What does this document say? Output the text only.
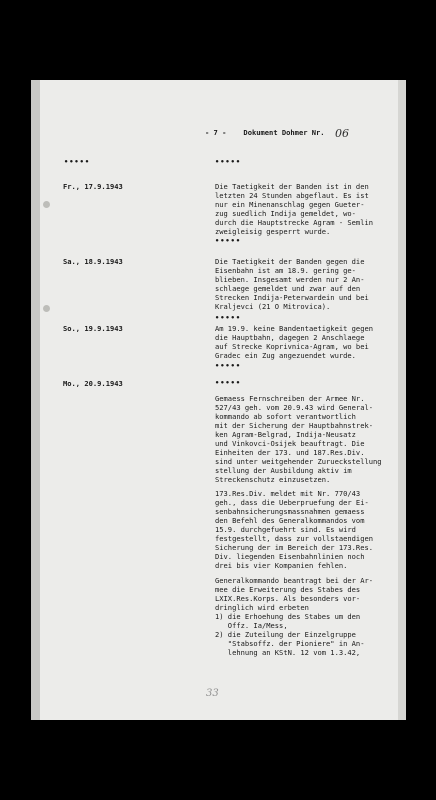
- 7 -    Dokument Dohmer Nr. 06
•••••	•••••
Fr., 17.9.1943	Die Taetigkeit der Banden ist in den
letzten 24 Stunden abgeflaut. Es ist
nur ein Minenanschlag gegen Gueter-
zug suedlich Indija gemeldet, wo-
durch die Hauptstrecke Agram - Semlin
zweigleisig gesperrt wurde.
•••••
Sa., 18.9.1943	Die Taetigkeit der Banden gegen die
Eisenbahn ist am 18.9. gering ge-
blieben. Insgesamt werden nur 2 An-
schlaege gemeldet und zwar auf den
Strecken Indija-Peterwardein und bei
Kraljevci (21 O Mitrovica).
•••••
So., 19.9.1943	Am 19.9. keine Bandentaetigkeit gegen
die Hauptbahn, dagegen 2 Anschlaege
auf Strecke Koprivnica-Agram, wo bei
Gradec ein Zug angezuendet wurde.
•••••
Mo., 20.9.1943	•••••
Gemaess Fernschreiben der Armee Nr.
527/43 geh. vom 20.9.43 wird General-
kommando ab sofort verantwortlich
mit der Sicherung der Hauptbahnstrek-
ken Agram-Belgrad, Indija-Neusatz
und Vinkovci-Osijek beauftragt. Die
Einheiten der 173. und 187.Res.Div.
sind unter weitgehender Zurueckstellung
stellung der Ausbildung aktiv im
Streckenschutz einzusetzen.
173.Res.Div. meldet mit Nr. 770/43
geh., dass die Ueberpruefung der Ei-
senbahnsicherungsmassnahmen gemaess
den Befehl des Generalkommandos vom
15.9. durchgefuehrt sind. Es wird
festgestellt, dass zur vollstaendigen
Sicherung der im Bereich der 173.Res.
Div. liegenden Eisenbahnlinien noch
drei bis vier Kompanien fehlen.
Generalkommando beantragt bei der Ar-
mee die Erweiterung des Stabes des
LXIX.Res.Korps. Als besonders vor-
dringlich wird erbeten
1) die Erhoehung des Stabes um den
Offz. Ia/Mess,
2) die Zuteilung der Einzelgruppe
"Stabsoffz. der Pioniere" in An-
lehnung an KStN. 12 vom 1.3.42,
33
